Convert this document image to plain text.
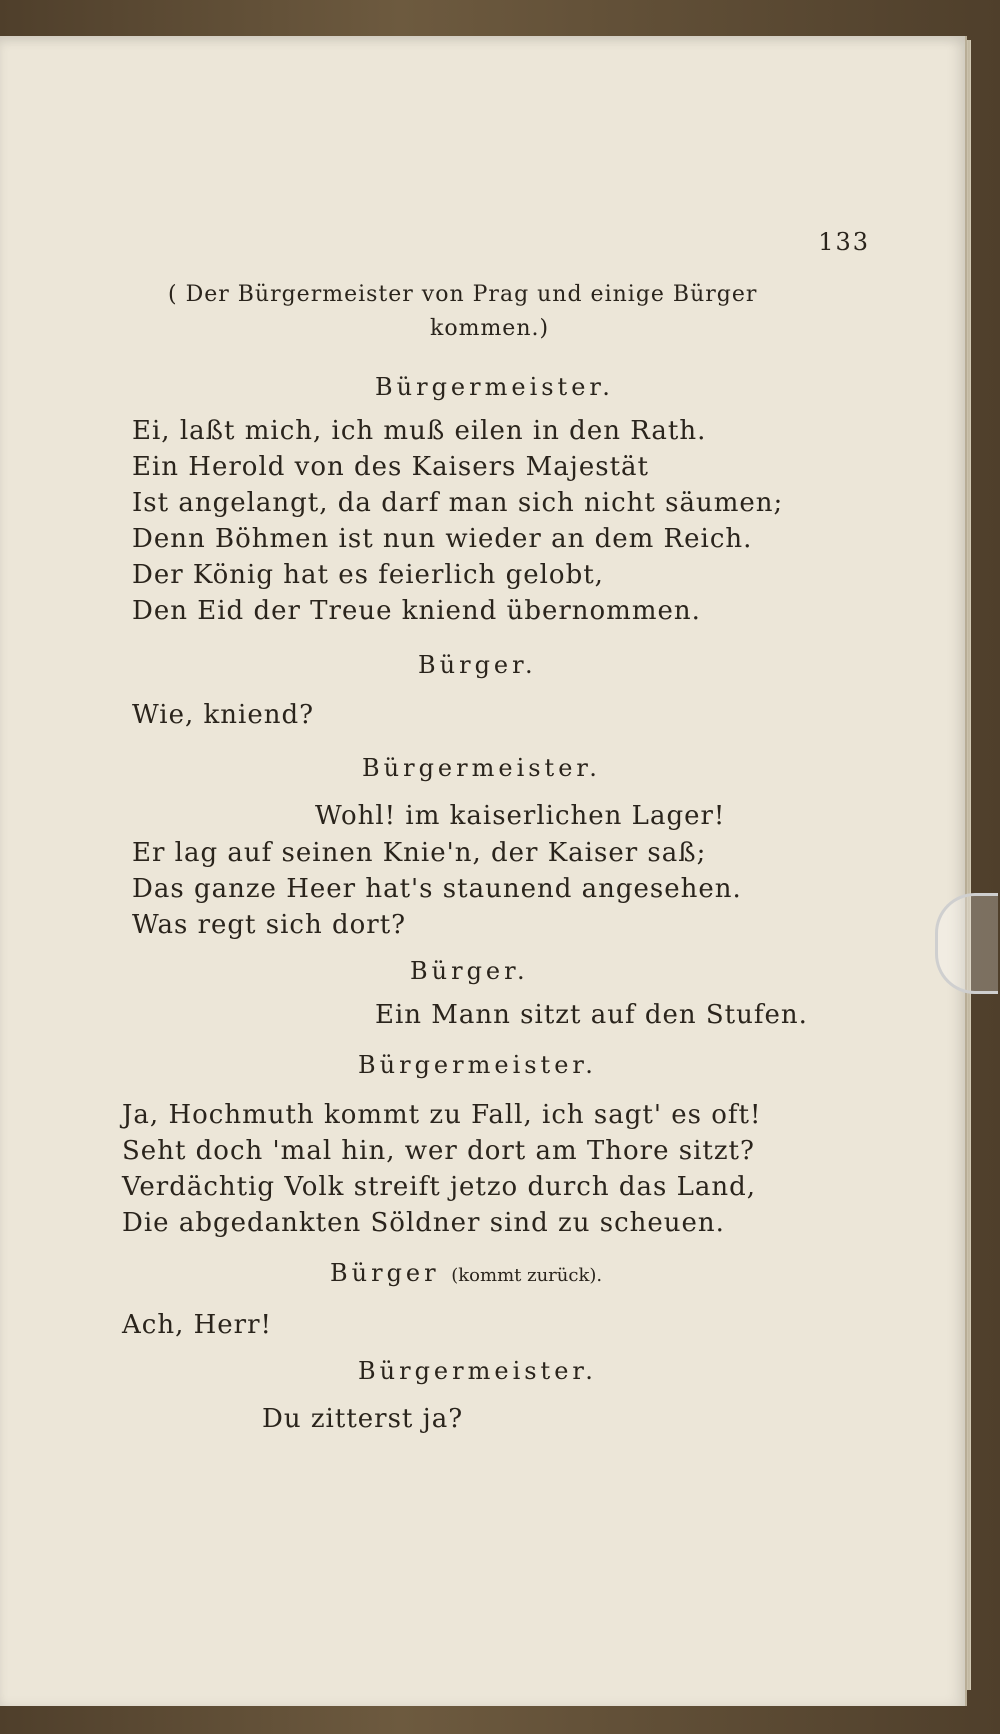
133
( Der Bürgermeister von Prag und einige Bürger
kommen.)
Bürgermeister.
Ei, laßt mich, ich muß eilen in den Rath.
Ein Herold von des Kaisers Majestät
Ist angelangt, da darf man sich nicht säumen;
Denn Böhmen ist nun wieder an dem Reich.
Der König hat es feierlich gelobt,
Den Eid der Treue kniend übernommen.
Bürger.
Wie, kniend?
Bürgermeister.
Wohl! im kaiserlichen Lager!
Er lag auf seinen Knie'n, der Kaiser saß;
Das ganze Heer hat's staunend angesehen.
Was regt sich dort?
Bürger.
Ein Mann sitzt auf den Stufen.
Bürgermeister.
Ja, Hochmuth kommt zu Fall, ich sagt' es oft!
Seht doch 'mal hin, wer dort am Thore sitzt?
Verdächtig Volk streift jetzo durch das Land,
Die abgedankten Söldner sind zu scheuen.
Bürger (kommt zurück).
Ach, Herr!
Bürgermeister.
Du zitterst ja?
